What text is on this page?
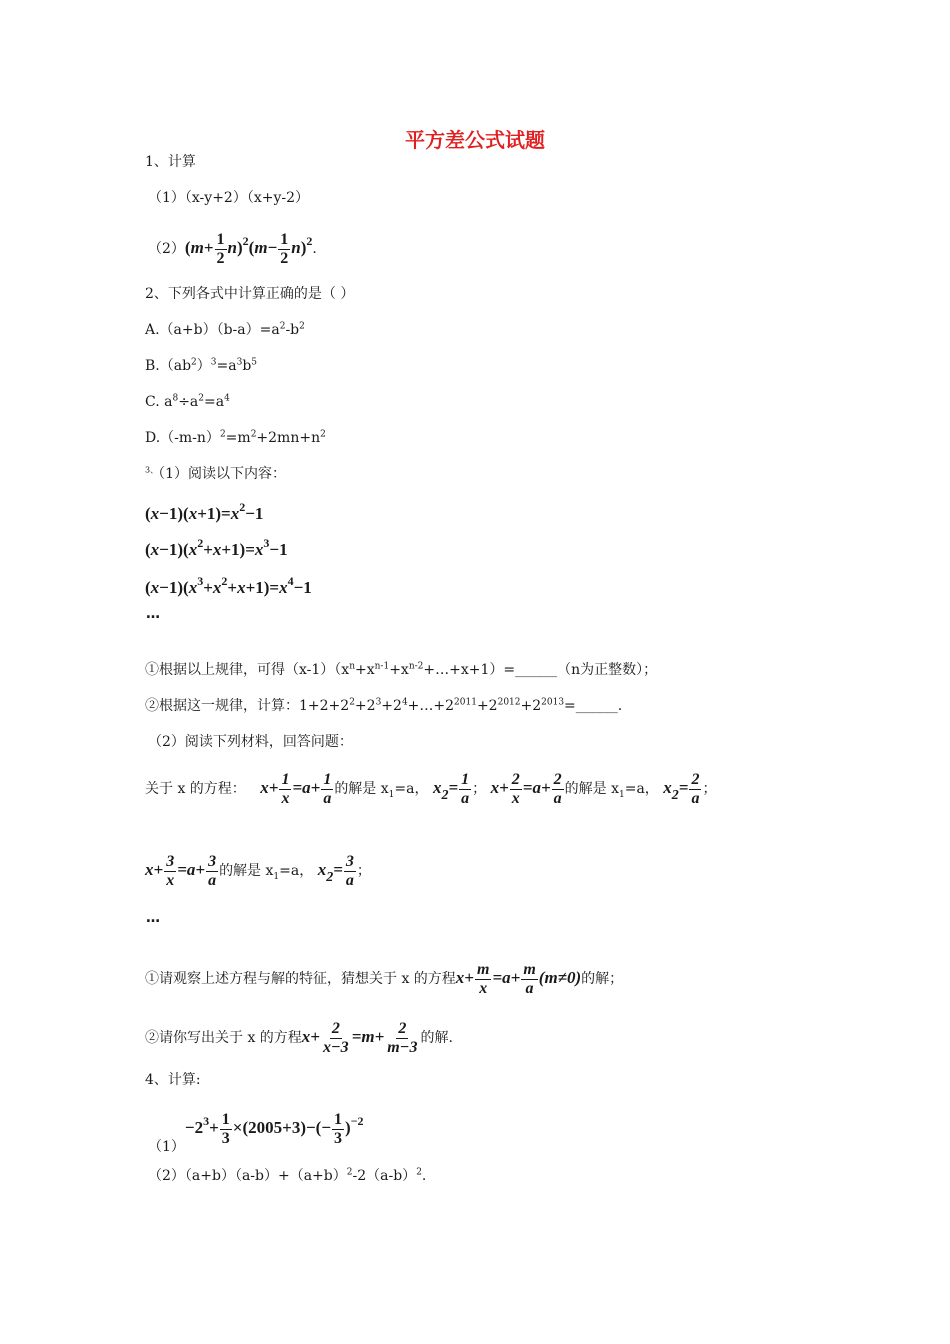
平方差公式试题
1、计算
（1）（x-y+2）（x+y-2）
$(2)(m+ \frac{1}{2} n)^2(m- \frac{1}{2} n)^2$.
2、下列各式中计算正确的是（ ）
$A.(a+b)(b-a)=a^2-b^2$
$B.(ab^2)^3=a^3b^5$
C. $a^8\div a^2=a^4$
$D.(-m-n)^2=m^2+2mn+n^2$
$^{3、}$（1）阅读以下内容：
$(x-1)(x+1)=x^2-1$
$(x-1)(x^2+x+1)=x^3-1$
$(x-1)(x^3+x^2+x+1)=x^4-1$
…
①根据以上规律，可得$(x-1)(x^n+x^{n-1}+x^{n-2}+\dots+x+1)=\_\_\_\_\_\_(n$为正整数）；
②根据这一规律，计算：$1+2+2^2+2^3+2^4+\dots+2^{2011}+2^{2012}+2^{2013}=\_\_\_\_\_\_$.
（2）阅读下列材料，回答问题：
关于 x 的方程： $x+ \frac{1}{x} =a+ \frac{1}{a}$ 的解是 $x_1=a$， $x_2= \frac{1}{a}$ ； $x+ \frac{2}{x} =a+ \frac{2}{a}$ 的解是 $x_1=a$， $x_2= \frac{2}{a}$ ；
$x+ \frac{3}{x} =a+ \frac{3}{a}$ 的解是 $x_1=a$， $x_2= \frac{3}{a}$ ；
…
①请观察上述方程与解的特征，猜想关于 x 的方程$x+ \frac{m}{x} =a+ \frac{m}{a} (m\ne 0)$的解；
②请你写出关于 x 的方程$x+ \frac{2}{x-3} =m+ \frac{2}{m-3}$ 的解.
4、计算:
$(1)-2^3+ \frac{1}{3} \times(2005+3)-(- \frac{1}{3} )^{-2}$
$(2)(a+b)(a-b)+(a+b)^2-2(a-b)^2$.
